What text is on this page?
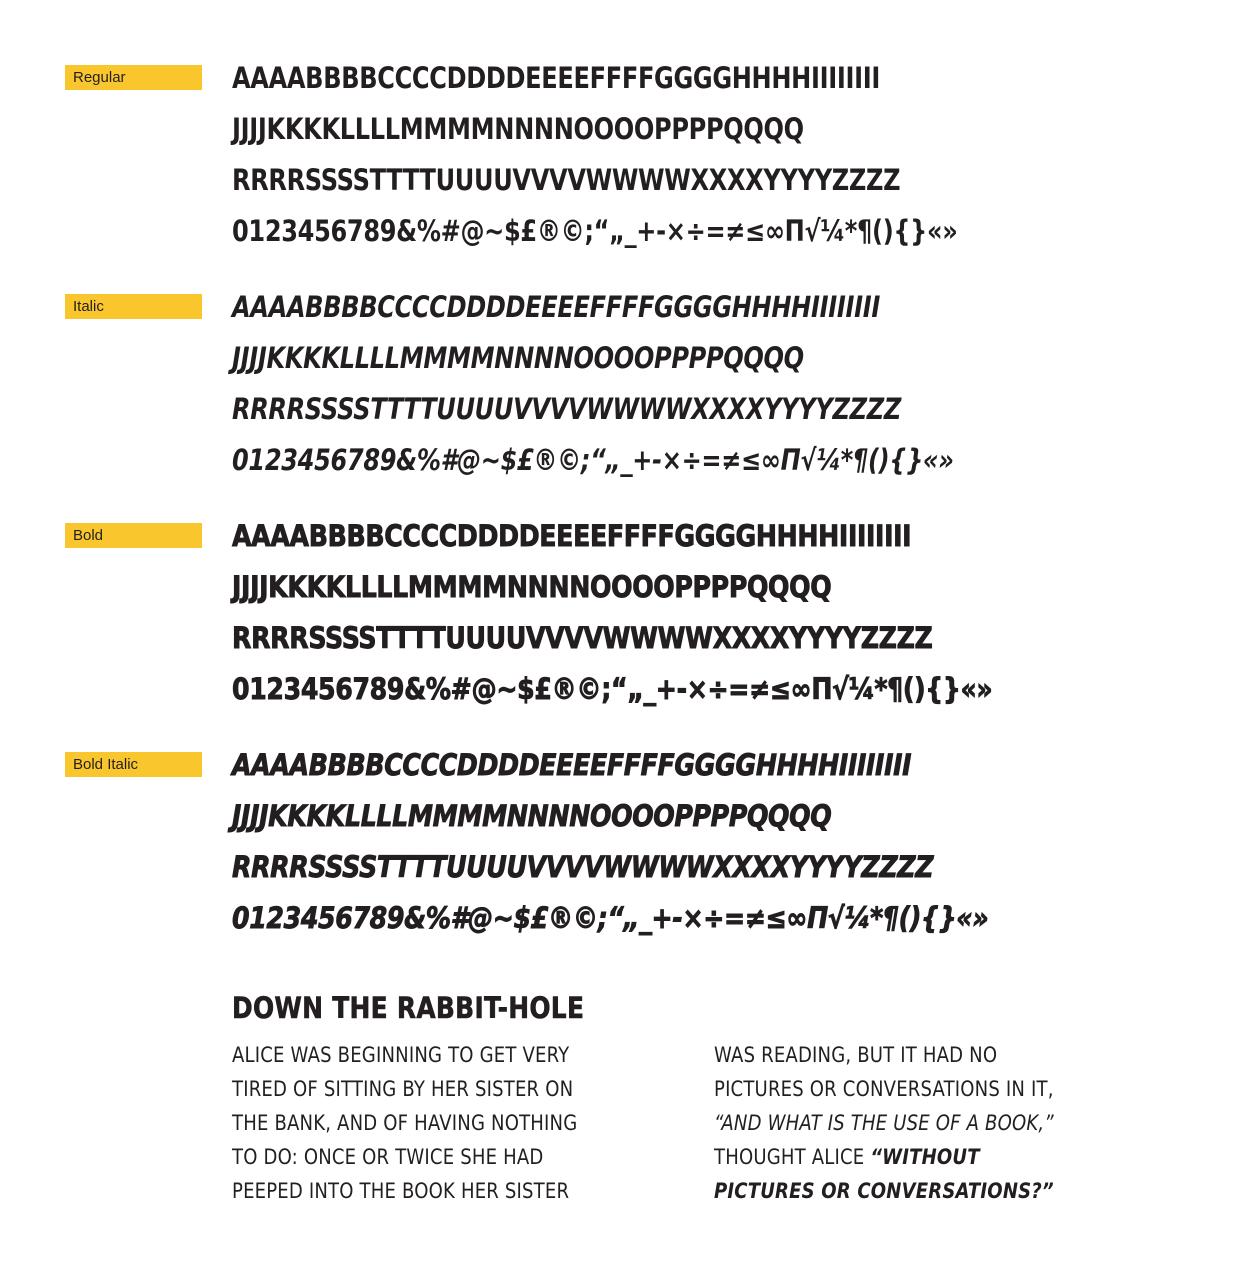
Regular	AAAABBBBCCCCDDDDEEEEFFFFGGGGHHHHIIIIIIII
JJJJKKKKLLLLMMMMNNNNOOOOPPPPQQQQ
RRRRSSSSTTTTUUUUVVVVWWWWXXXXYYYYZZZZ
0123456789&%#@~$£®©;“„_+-×÷=≠≤∞Π√¼*¶(){}«»
Italic	AAAABBBBCCCCDDDDEEEEFFFFGGGGHHHHIIIIIIII
JJJJKKKKLLLLMMMMNNNNOOOOPPPPQQQQ
RRRRSSSSTTTTUUUUVVVVWWWWXXXXYYYYZZZZ
0123456789&%#@~$£®©;“„_+-×÷=≠≤∞Π√¼*¶(){}«»
Bold	AAAABBBBCCCCDDDDEEEEFFFFGGGGHHHHIIIIIIII
JJJJKKKKLLLLMMMMNNNNOOOOPPPPQQQQ
RRRRSSSSTTTTUUUUVVVVWWWWXXXXYYYYZZZZ
0123456789&%#@~$£®©;“„_+-×÷=≠≤∞Π√¼*¶(){}«»
Bold Italic	AAAABBBBCCCCDDDDEEEEFFFFGGGGHHHHIIIIIIII
JJJJKKKKLLLLMMMMNNNNOOOOPPPPQQQQ
RRRRSSSSTTTTUUUUVVVVWWWWXXXXYYYYZZZZ
0123456789&%#@~$£®©;“„_+-×÷=≠≤∞Π√¼*¶(){}«»
DOWN THE RABBIT-HOLE
ALICE WAS BEGINNING TO GET VERY
TIRED OF SITTING BY HER SISTER ON
THE BANK, AND OF HAVING NOTHING
TO DO: ONCE OR TWICE SHE HAD
PEEPED INTO THE BOOK HER SISTER
WAS READING, BUT IT HAD NO
PICTURES OR CONVERSATIONS IN IT,
“AND WHAT IS THE USE OF A BOOK,”
THOUGHT ALICE “WITHOUT
PICTURES OR CONVERSATIONS?”
